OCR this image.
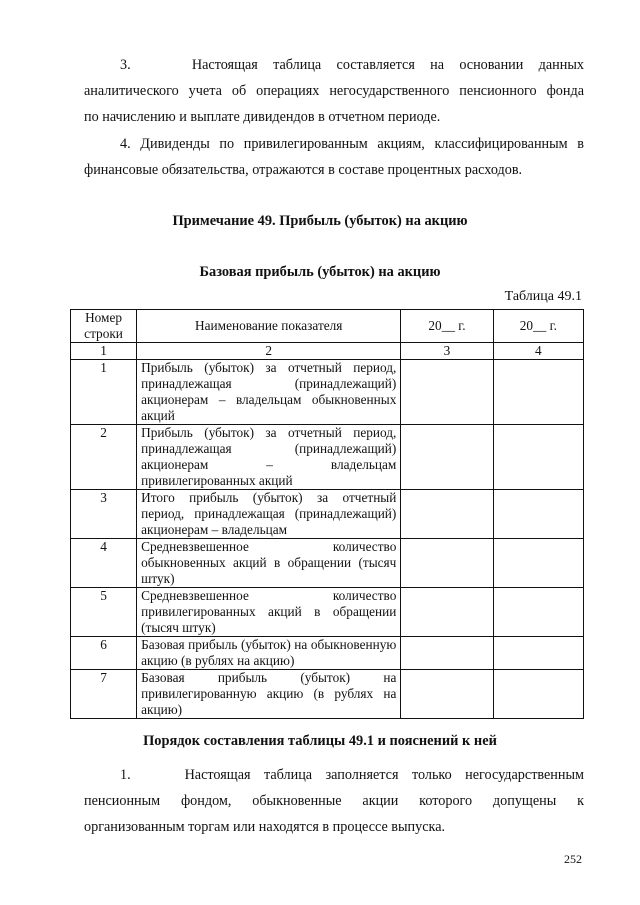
3.    Настоящая таблица составляется на основании данных
аналитического учета об операциях негосударственного пенсионного фонда
по начислению и выплате дивидендов в отчетном периоде.
4. Дивиденды по привилегированным акциям, классифицированным в
финансовые обязательства, отражаются в составе процентных расходов.

Примечание 49. Прибыль (убыток) на акцию

Базовая прибыль (убыток) на акцию

Таблица 49.1

Номер строки	Наименование показателя	20__ г.	20__ г.
1	2	3	4
1	Прибыль (убыток) за отчетный период, принадлежащая (принадлежащий) акционерам – владельцам обыкновенных акций		
2	Прибыль (убыток) за отчетный период, принадлежащая (принадлежащий) акционерам – владельцам привилегированных акций		
3	Итого прибыль (убыток) за отчетный период, принадлежащая (принадлежащий) акционерам – владельцам		
4	Средневзвешенное количество обыкновенных акций в обращении (тысяч штук)		
5	Средневзвешенное количество привилегированных акций в обращении (тысяч штук)		
6	Базовая прибыль (убыток) на обыкновенную акцию (в рублях на акцию)		
7	Базовая прибыль (убыток) на привилегированную акцию (в рублях на акцию)		

Порядок составления таблицы 49.1 и пояснений к ней

1.    Настоящая таблица заполняется только негосударственным
пенсионным фондом, обыкновенные акции которого допущены к
организованным торгам или находятся в процессе выпуска.

252
